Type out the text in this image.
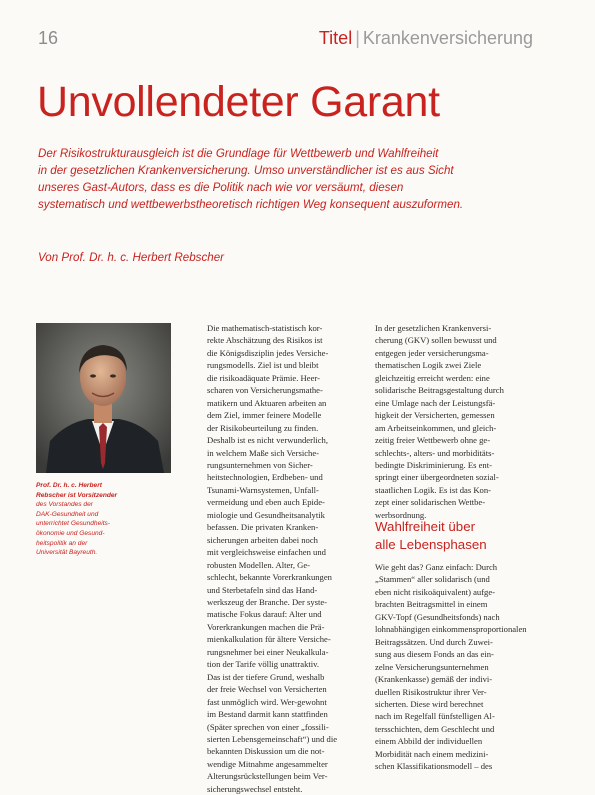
16	Titel | Krankenversicherung
Unvollendeter Garant
Der Risikostrukturausgleich ist die Grundlage für Wettbewerb und Wahlfreiheit
in der gesetzlichen Krankenversicherung. Umso unverständlicher ist es aus Sicht
unseres Gast-Autors, dass es die Politik nach wie vor versäumt, diesen
systematisch und wettbewerbstheoretisch richtigen Weg konsequent auszuformen.
Von Prof. Dr. h. c. Herbert Rebscher
Prof. Dr. h. c. Herbert
Rebscher ist Vorsitzender
des Vorstandes der
DAK-Gesundheit und
unterrichtet Gesundheits-
ökonomie und Gesund-
heitspolitik an der
Universität Bayreuth.
Die mathematisch-statistisch kor-
rekte Abschätzung des Risikos ist
die Königsdisziplin jedes Versiche-
rungsmodells. Ziel ist und bleibt
die risikoadäquate Prämie. Heer-
scharen von Versicherungsmathe-
matikern und Aktuaren arbeiten an
dem Ziel, immer feinere Modelle
der Risikobeurteilung zu finden.
Deshalb ist es nicht verwunderlich,
in welchem Maße sich Versiche-
rungsunternehmen von Sicher-
heitstechnologien, Erdbeben- und
Tsunami-Warnsystemen, Unfall-
vermeidung und eben auch Epide-
miologie und Gesundheitsanalytik
befassen. Die privaten Kranken-
sicherungen arbeiten dabei noch
mit vergleichsweise einfachen und
robusten Modellen. Alter, Ge-
schlecht, bekannte Vorerkrankungen
und Sterbetafeln sind das Hand-
werkszeug der Branche. Der syste-
matische Fokus darauf: Alter und
Vorerkrankungen machen die Prä-
mienkalkulation für ältere Versiche-
rungsnehmer bei einer Neukalkula-
tion der Tarife völlig unattraktiv.
Das ist der tiefere Grund, weshalb
der freie Wechsel von Versicherten
fast unmöglich wird. Wer-gewohnt
im Bestand darmit kann stattfinden
(Später sprechen von einer „fossili-
sierten Lebensgemeinschaft“) und die
bekannten Diskussion um die not-
wendige Mitnahme angesammelter
Alterungsrückstellungen beim Ver-
sicherungswechsel entsteht.
In der gesetzlichen Krankenversi-
cherung (GKV) sollen bewusst und
entgegen jeder versicherungsma-
thematischen Logik zwei Ziele
gleichzeitig erreicht werden: eine
solidarische Beitragsgestaltung durch
eine Umlage nach der Leistungsfä-
higkeit der Versicherten, gemessen
am Arbeitseinkommen, und gleich-
zeitig freier Wettbewerb ohne ge-
schlechts-, alters- und morbiditäts-
bedingte Diskriminierung. Es ent-
springt einer übergeordneten sozial-
staatlichen Logik. Es ist das Kon-
zept einer solidarischen Wettbe-
werbsordnung.
Wahlfreiheit über
alle Lebensphasen
Wie geht das? Ganz einfach: Durch
„Stammen“ aller solidarisch (und
eben nicht risikoäquivalent) aufge-
brachten Beitragsmittel in einem
GKV-Topf (Gesundheitsfonds) nach
lohnabhängigen einkommensproportionalen
Beitragssätzen. Und durch Zuwei-
sung aus diesem Fonds an das ein-
zelne Versicherungsunternehmen
(Krankenkasse) gemäß der indivi-
duellen Risikostruktur ihrer Ver-
sicherten. Diese wird berechnet
nach im Regelfall fünfstelligen Al-
tersschichten, dem Geschlecht und
einem Abbild der individuellen
Morbidität nach einem medizini-
schen Klassifikationsmodell – des
